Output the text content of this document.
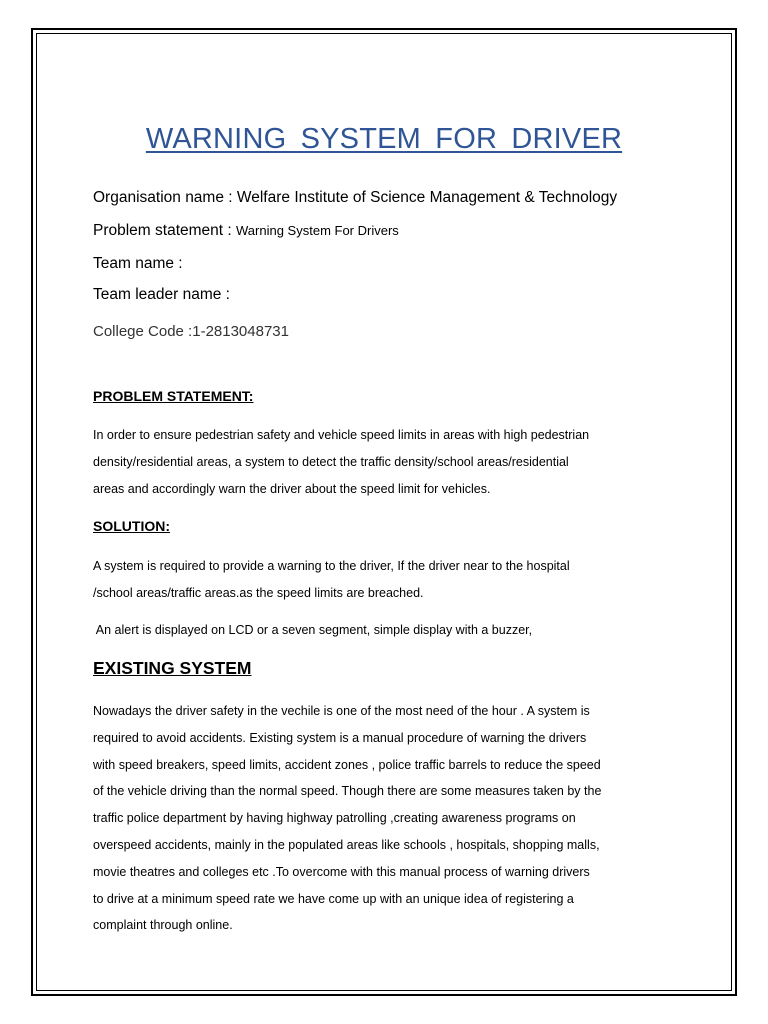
WARNING SYSTEM FOR DRIVER
Organisation name : Welfare Institute of Science Management & Technology
Problem statement : Warning System For Drivers
Team name :
Team leader name :
College Code :1-2813048731
PROBLEM STATEMENT:
In order to ensure pedestrian safety and vehicle speed limits in areas with high pedestrian
density/residential areas, a system to detect the traffic density/school areas/residential
areas and accordingly warn the driver about the speed limit for vehicles.
SOLUTION:
A system is required to provide a warning to the driver, If the driver near to the hospital
/school areas/traffic areas.as the speed limits are breached.
An alert is displayed on LCD or a seven segment, simple display with a buzzer,
EXISTING SYSTEM
Nowadays the driver safety in the vechile is one of the most need of the hour . A system is
required to avoid accidents. Existing system is a manual procedure of warning the drivers
with speed breakers, speed limits, accident zones , police traffic barrels to reduce the speed
of the vehicle driving than the normal speed. Though there are some measures taken by the
traffic police department by having highway patrolling ,creating awareness programs on
overspeed accidents, mainly in the populated areas like schools , hospitals, shopping malls,
movie theatres and colleges etc .To overcome with this manual process of warning drivers
to drive at a minimum speed rate we have come up with an unique idea of registering a
complaint through online.
